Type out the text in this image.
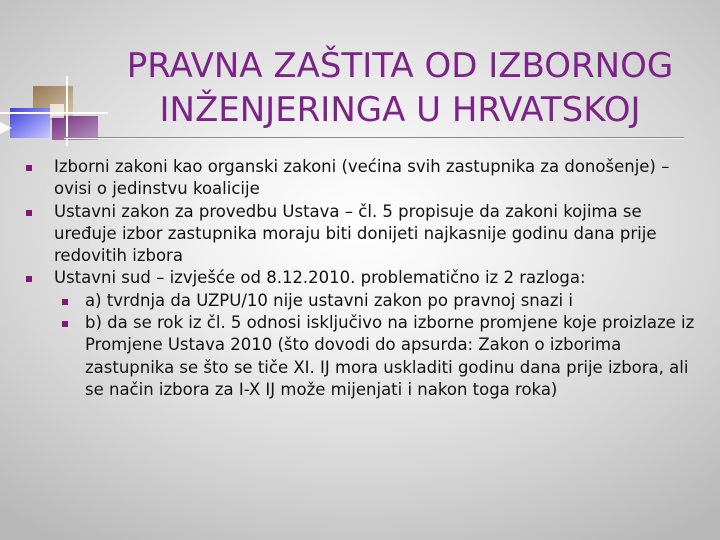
PRAVNA ZAŠTITA OD IZBORNOG
INŽENJERINGA U HRVATSKOJ

Izborni zakoni kao organski zakoni (većina svih zastupnika za donošenje) – ovisi o jedinstvu koalicije

Ustavni zakon za provedbu Ustava – čl. 5 propisuje da zakoni kojima se uređuje izbor zastupnika moraju biti donijeti najkasnije godinu dana prije redovitih izbora

Ustavni sud – izvješće od 8.12.2010. problematično iz 2 razloga:

a) tvrdnja da UZPU/10 nije ustavni zakon po pravnoj snazi i

b) da se rok iz čl. 5 odnosi isključivo na izborne promjene koje proizlaze iz Promjene Ustava 2010 (što dovodi do apsurda: Zakon o izborima zastupnika se što se tiče XI. IJ mora uskladiti godinu dana prije izbora, ali se način izbora za I-X IJ može mijenjati i nakon toga roka)
